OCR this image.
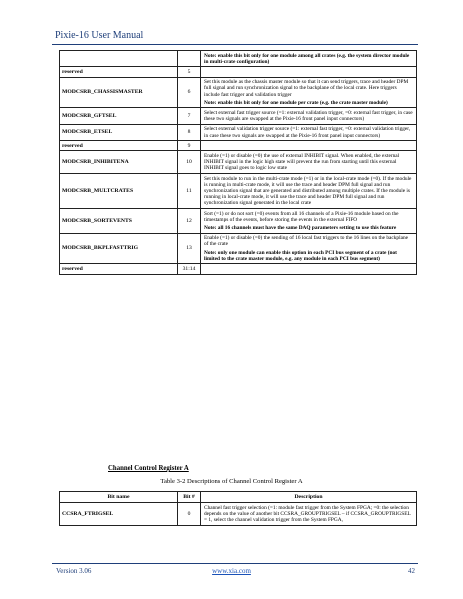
Pixie-16 User Manual

		Note: enable this bit only for one module among all crates (e.g. the system director module in multi-crate configuration)

reserved	5	
MODCSRB_CHASSISMASTER	6	Set this module as the chassis master module so that it can send triggers, trace and header DPM full signal and run synchronization signal to the backplane of the local crate. Here triggers include fast trigger and validation trigger

Note: enable this bit only for one module per crate (e.g. the crate master module)

MODCSRB_GFTSEL	7	Select external fast trigger source (=1: external validation trigger, =0: external fast trigger, in case these two signals are swapped at the Pixie-16 front panel input connectors)

MODCSRB_ETSEL	8	Select external validation trigger source (=1: external fast trigger, =0: external validation trigger, in case these two signals are swapped at the Pixie-16 front panel input connectors)

reserved	9	
MODCSRB_INHIBITENA	10	Enable (=1) or disable (=0) the use of external INHIBIT signal. When enabled, the external INHIBIT signal in the logic high state will prevent the run from starting until this external INHIBIT signal goes to logic low state

MODCSRB_MULTCRATES	11	Set this module to run in the multi-crate mode (=1) or in the local-crate mode (=0). If the module is running in multi-crate mode, it will use the trace and header DPM full signal and run synchronization signal that are generated and distributed among multiple crates. If the module is running in local-crate mode, it will use the trace and header DPM full signal and run synchronization signal generated in the local crate

MODCSRB_SORTEVENTS	12	Sort (=1) or do not sort (=0) events from all 16 channels of a Pixie-16 module based on the timestamps of the events, before storing the events in the external FIFO

Note: all 16 channels must have the same DAQ parameters setting to use this feature

MODCSRB_BKPLFASTTRIG	13	Enable (=1) or disable (=0) the sending of 16 local fast triggers to the 16 lines on the backplane of the crate

Note: only one module can enable this option in each PCI bus segment of a crate (not limited to the crate master module, e.g. any module in each PCI bus segment)

reserved	31:14	
Channel Control Register A
Table 3-2 Descriptions of Channel Control Register A
Bit name	Bit #	Description
CCSRA_FTRIGSEL	0	Channel fast trigger selection (=1: module fast trigger from the System FPGA; =0: the selection depends on the value of another bit CCSRA_GROUPTRIGSEL – if CCSRA_GROUPTRIGSEL = 1, select the channel validation trigger from the System FPGA,
Version 3.06	www.xia.com	42
